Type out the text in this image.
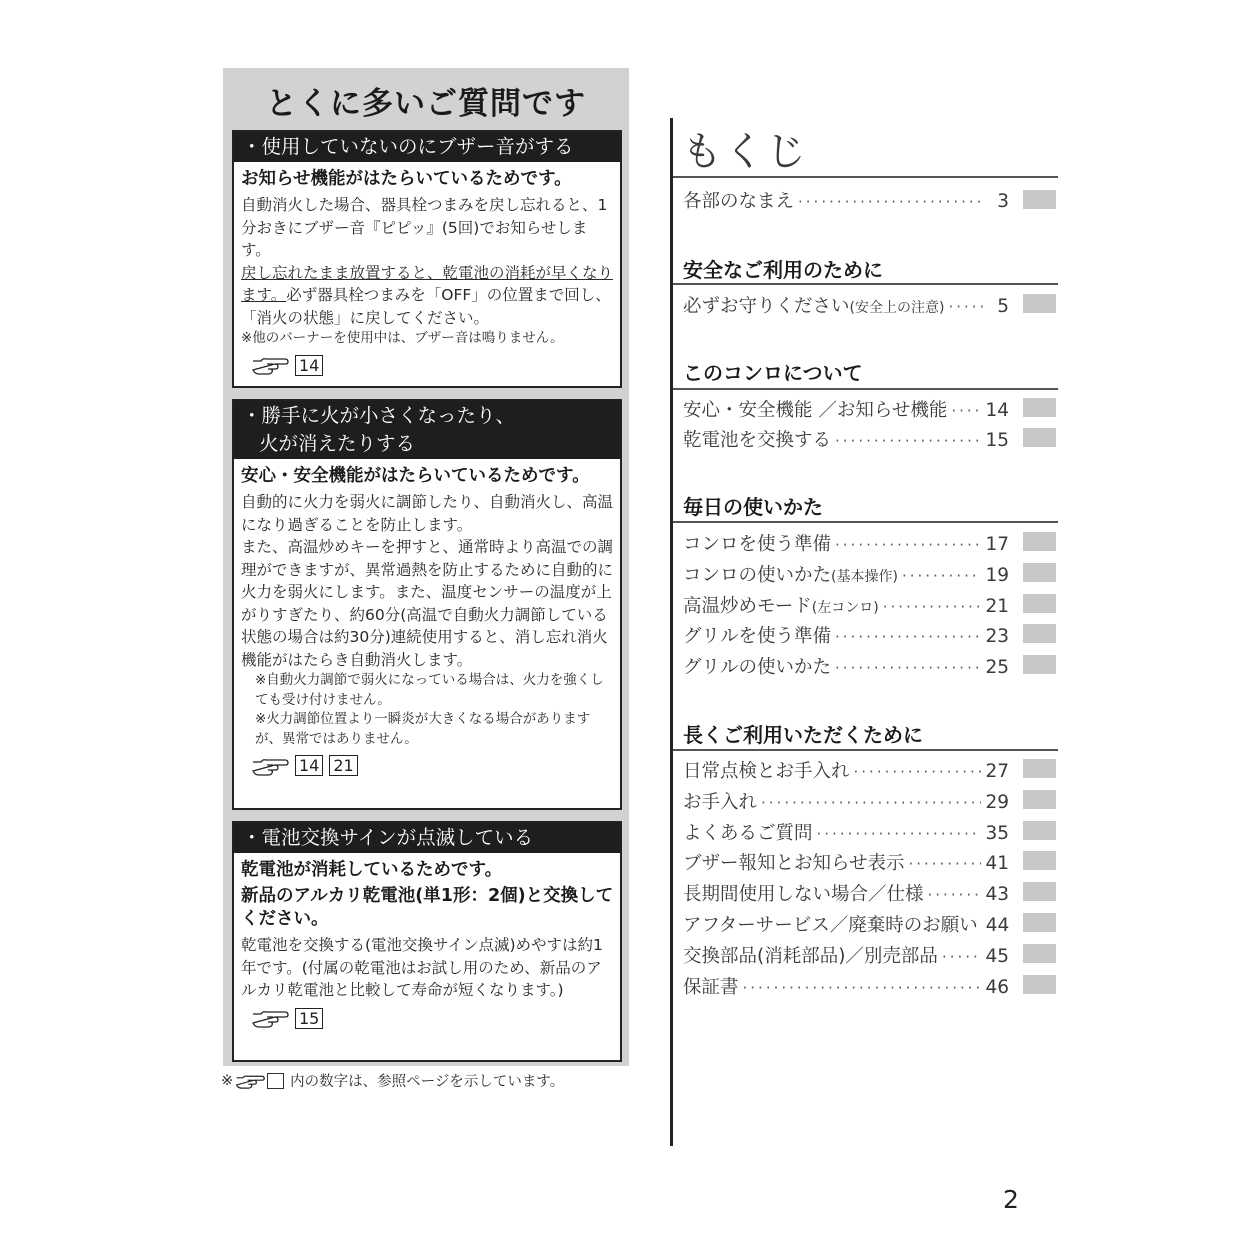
とくに多いご質問です
・使用していないのにブザー音がする
お知らせ機能がはたらいているためです。
自動消火した場合、器具栓つまみを戻し忘れると、1分おきにブザー音『ピピッ』(5回)でお知らせします。
戻し忘れたまま放置すると、乾電池の消耗が早くなります。必ず器具栓つまみを「OFF」の位置まで回し、「消火の状態」に戻してください。
※他のバーナーを使用中は、ブザー音は鳴りません。
14
・勝手に火が小さくなったり、
火が消えたりする
安心・安全機能がはたらいているためです。
自動的に火力を弱火に調節したり、自動消火し、高温になり過ぎることを防止します。
また、高温炒めキーを押すと、通常時より高温での調理ができますが、異常過熱を防止するために自動的に火力を弱火にします。また、温度センサーの温度が上がりすぎたり、約60分(高温で自動火力調節している状態の場合は約30分)連続使用すると、消し忘れ消火機能がはたらき自動消火します。
※自動火力調節で弱火になっている場合は、火力を強くしても受け付けません。
※火力調節位置より一瞬炎が大きくなる場合がありますが、異常ではありません。
14 21
・電池交換サインが点滅している
乾電池が消耗しているためです。
新品のアルカリ乾電池(単1形：2個)と交換してください。
乾電池を交換する(電池交換サイン点滅)めやすは約1年です。(付属の乾電池はお試し用のため、新品のアルカリ乾電池と比較して寿命が短くなります。)
15
※	内の数字は、参照ページを示しています。
もくじ
各部のなまえ ·····	3
安全なご利用のために
必ずお守りください (安全上の注意) ·····	5
このコンロについて
安心・安全機能 ／お知らせ機能 ····· 14
乾電池を交換する ·····	15
毎日の使いかた
コンロを使う準備 ·····	17
コンロの使いかた (基本操作) ·····	19
高温炒めモード (左コンロ) ·····	21
グリルを使う準備 ·····	23
グリルの使いかた ·····	25
長くご利用いただくために
日常点検とお手入れ ·····	27
お手入れ ·····	29
よくあるご質問 ·····	35
ブザー報知とお知らせ表示 ·····	41
長期間使用しない場合／仕様 ·····	43
アフターサービス／廃棄時のお願い 44
交換部品(消耗部品)／別売部品 ·····	45
保証書 ·····	46
2
